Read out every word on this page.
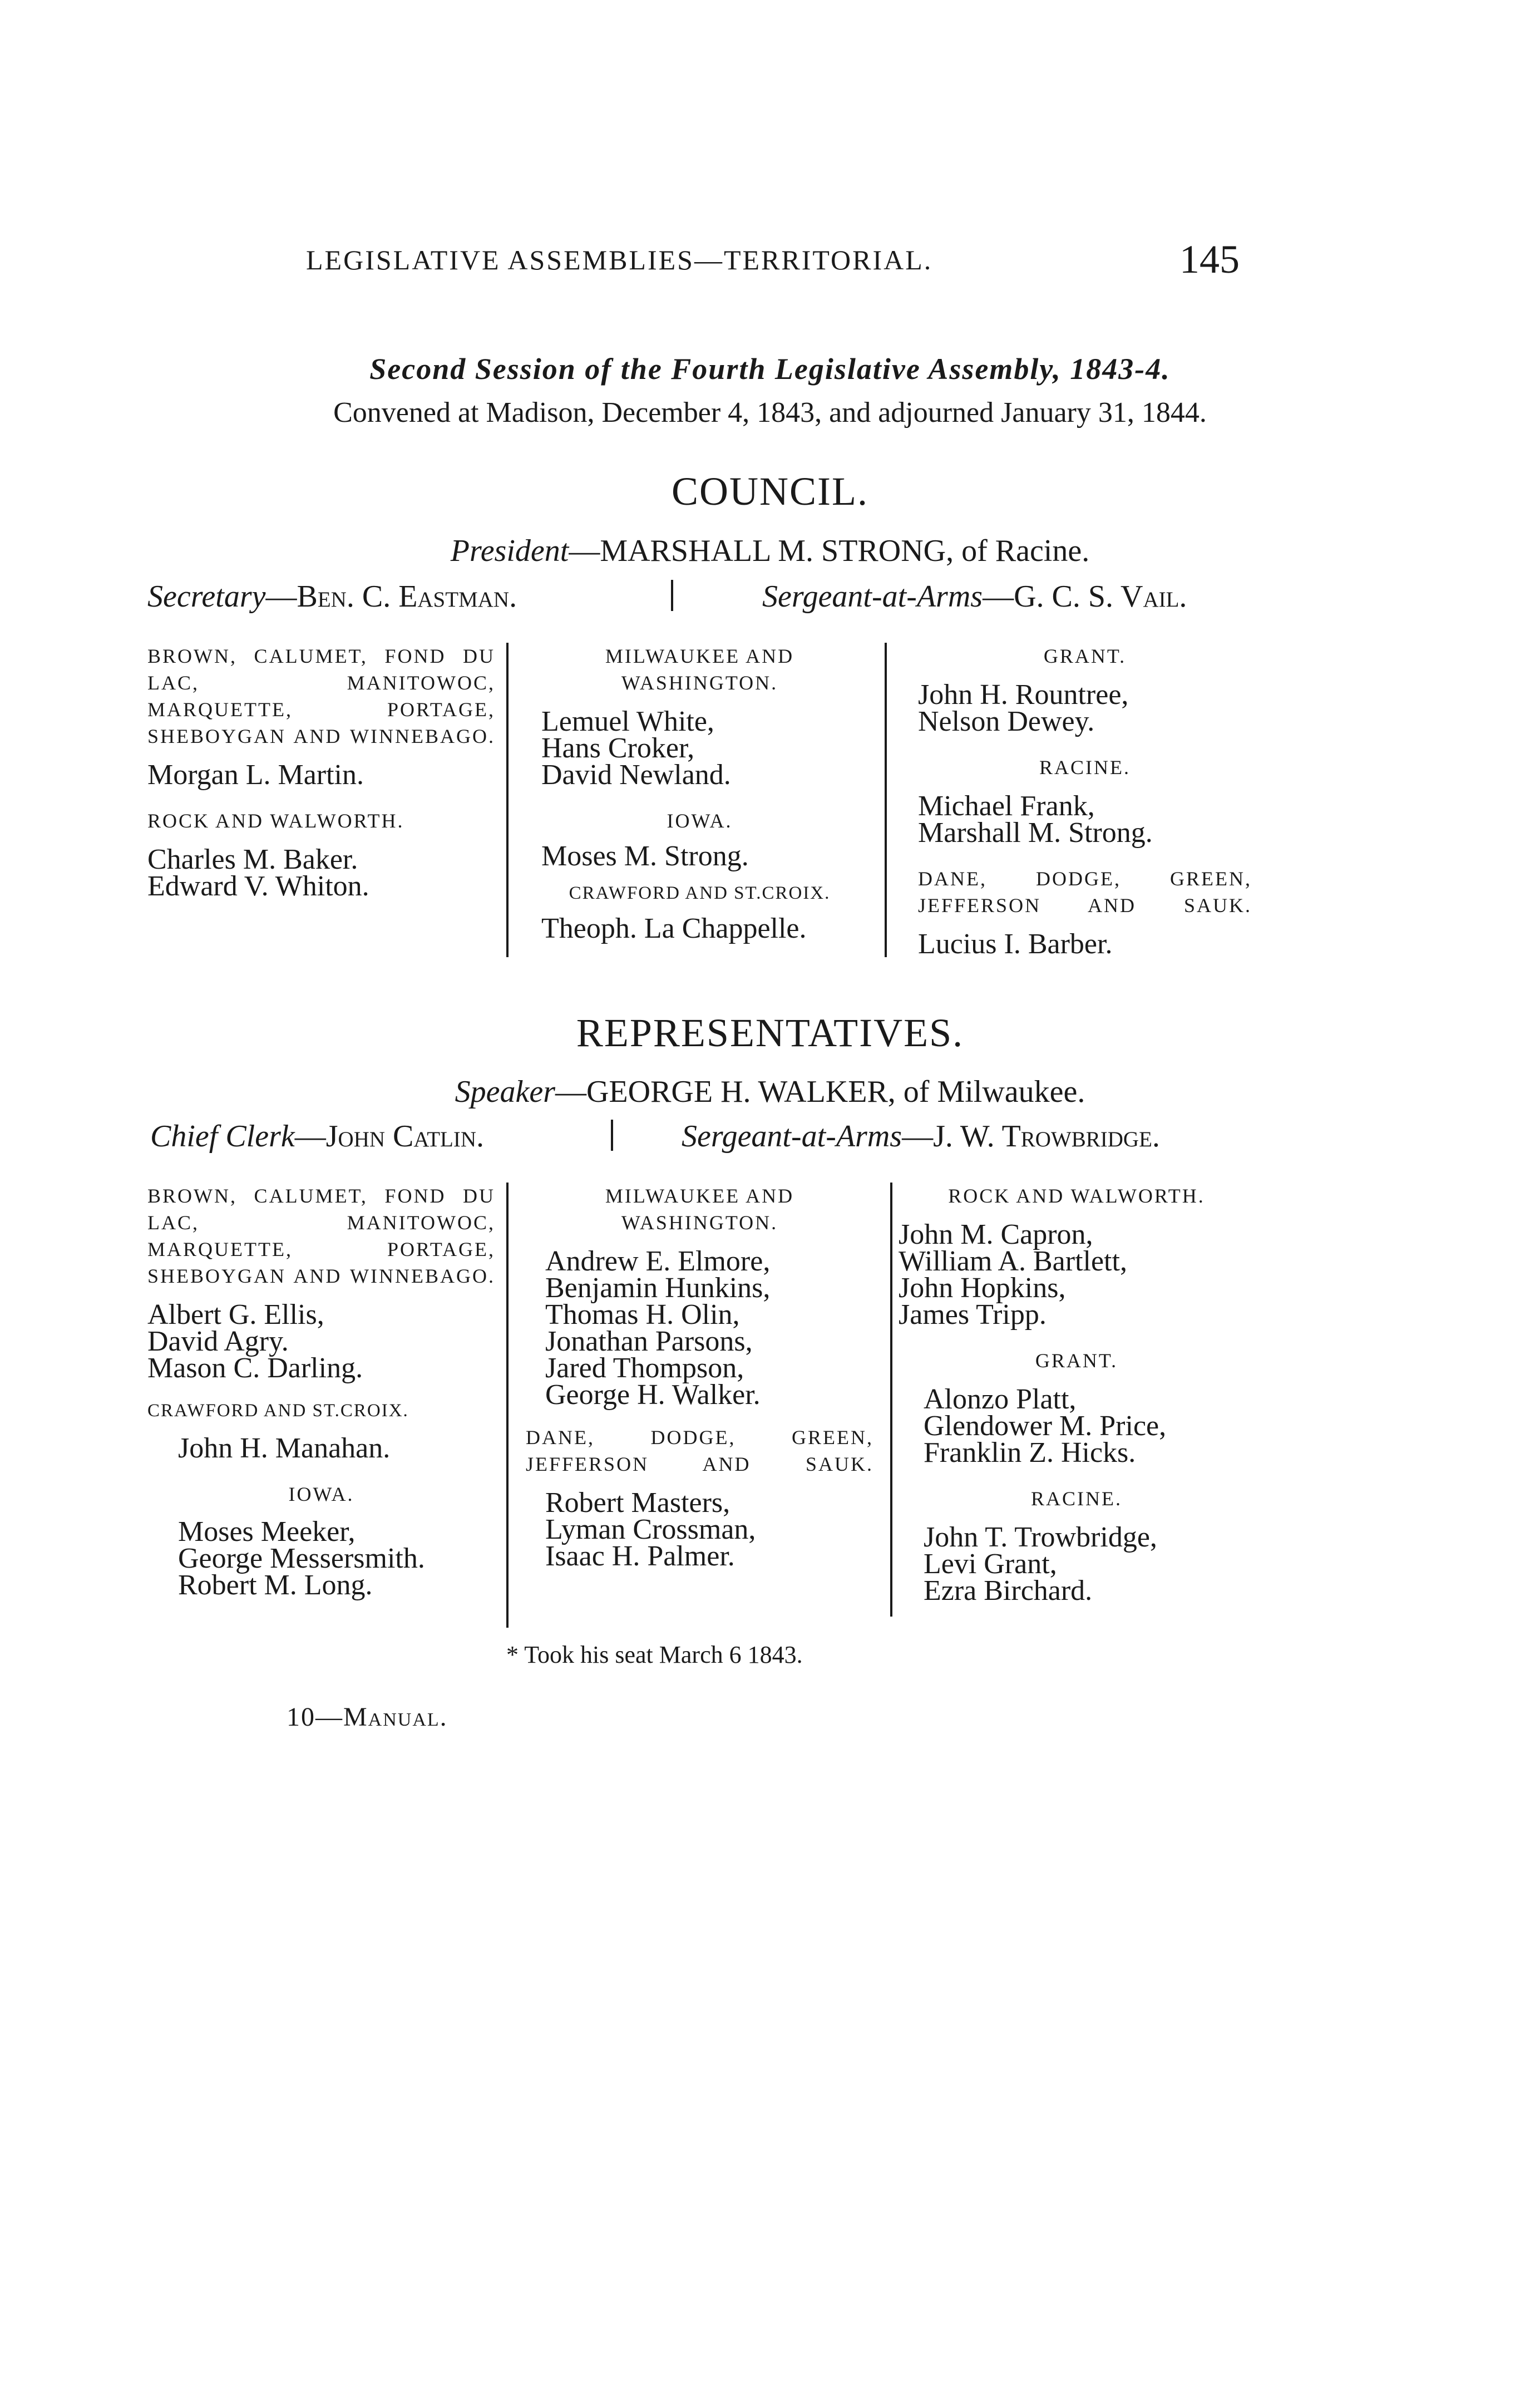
LEGISLATIVE ASSEMBLIES—TERRITORIAL.	145
Second Session of the Fourth Legislative Assembly, 1843-4.
Convened at Madison, December 4, 1843, and adjourned January 31, 1844.
COUNCIL.
President—MARSHALL M. STRONG, of Racine.
Secretary—Ben. C. Eastman.	Sergeant-at-Arms—G. C. S. Vail.
BROWN, CALUMET, FOND DU LAC, MANITOWOC, MARQUETTE, PORTAGE, SHEBOYGAN AND WINNEBAGO.
Morgan L. Martin.
ROCK AND WALWORTH.
Charles M. Baker.
Edward V. Whiton.
MILWAUKEE AND WASHINGTON.
Lemuel White,
Hans Croker,
David Newland.
IOWA.
Moses M. Strong.
CRAWFORD AND ST.CROIX.
Theoph. La Chappelle.
GRANT.
John H. Rountree,
Nelson Dewey.
RACINE.
Michael Frank,
Marshall M. Strong.
DANE, DODGE, GREEN, JEFFERSON AND SAUK.
Lucius I. Barber.
REPRESENTATIVES.
Speaker—GEORGE H. WALKER, of Milwaukee.
Chief Clerk—John Catlin.	Sergeant-at-Arms—J. W. Trowbridge.
BROWN, CALUMET, FOND DU LAC, MANITOWOC, MARQUETTE, PORTAGE, SHEBOYGAN AND WINNEBAGO.
Albert G. Ellis,
David Agry.
Mason C. Darling.
CRAWFORD AND ST.CROIX.
John H. Manahan.
IOWA.
Moses Meeker,
George Messersmith.
Robert M. Long.
MILWAUKEE AND WASHINGTON.
Andrew E. Elmore,
Benjamin Hunkins,
Thomas H. Olin,
Jonathan Parsons,
Jared Thompson,
George H. Walker.
DANE, DODGE, GREEN, JEFFERSON AND SAUK.
Robert Masters,
Lyman Crossman,
Isaac H. Palmer.
ROCK AND WALWORTH.
John M. Capron,
William A. Bartlett,
John Hopkins,
James Tripp.
GRANT.
Alonzo Platt,
Glendower M. Price,
Franklin Z. Hicks.
RACINE.
John T. Trowbridge,
Levi Grant,
Ezra Birchard.
* Took his seat March 6 1843.
10—Manual.
